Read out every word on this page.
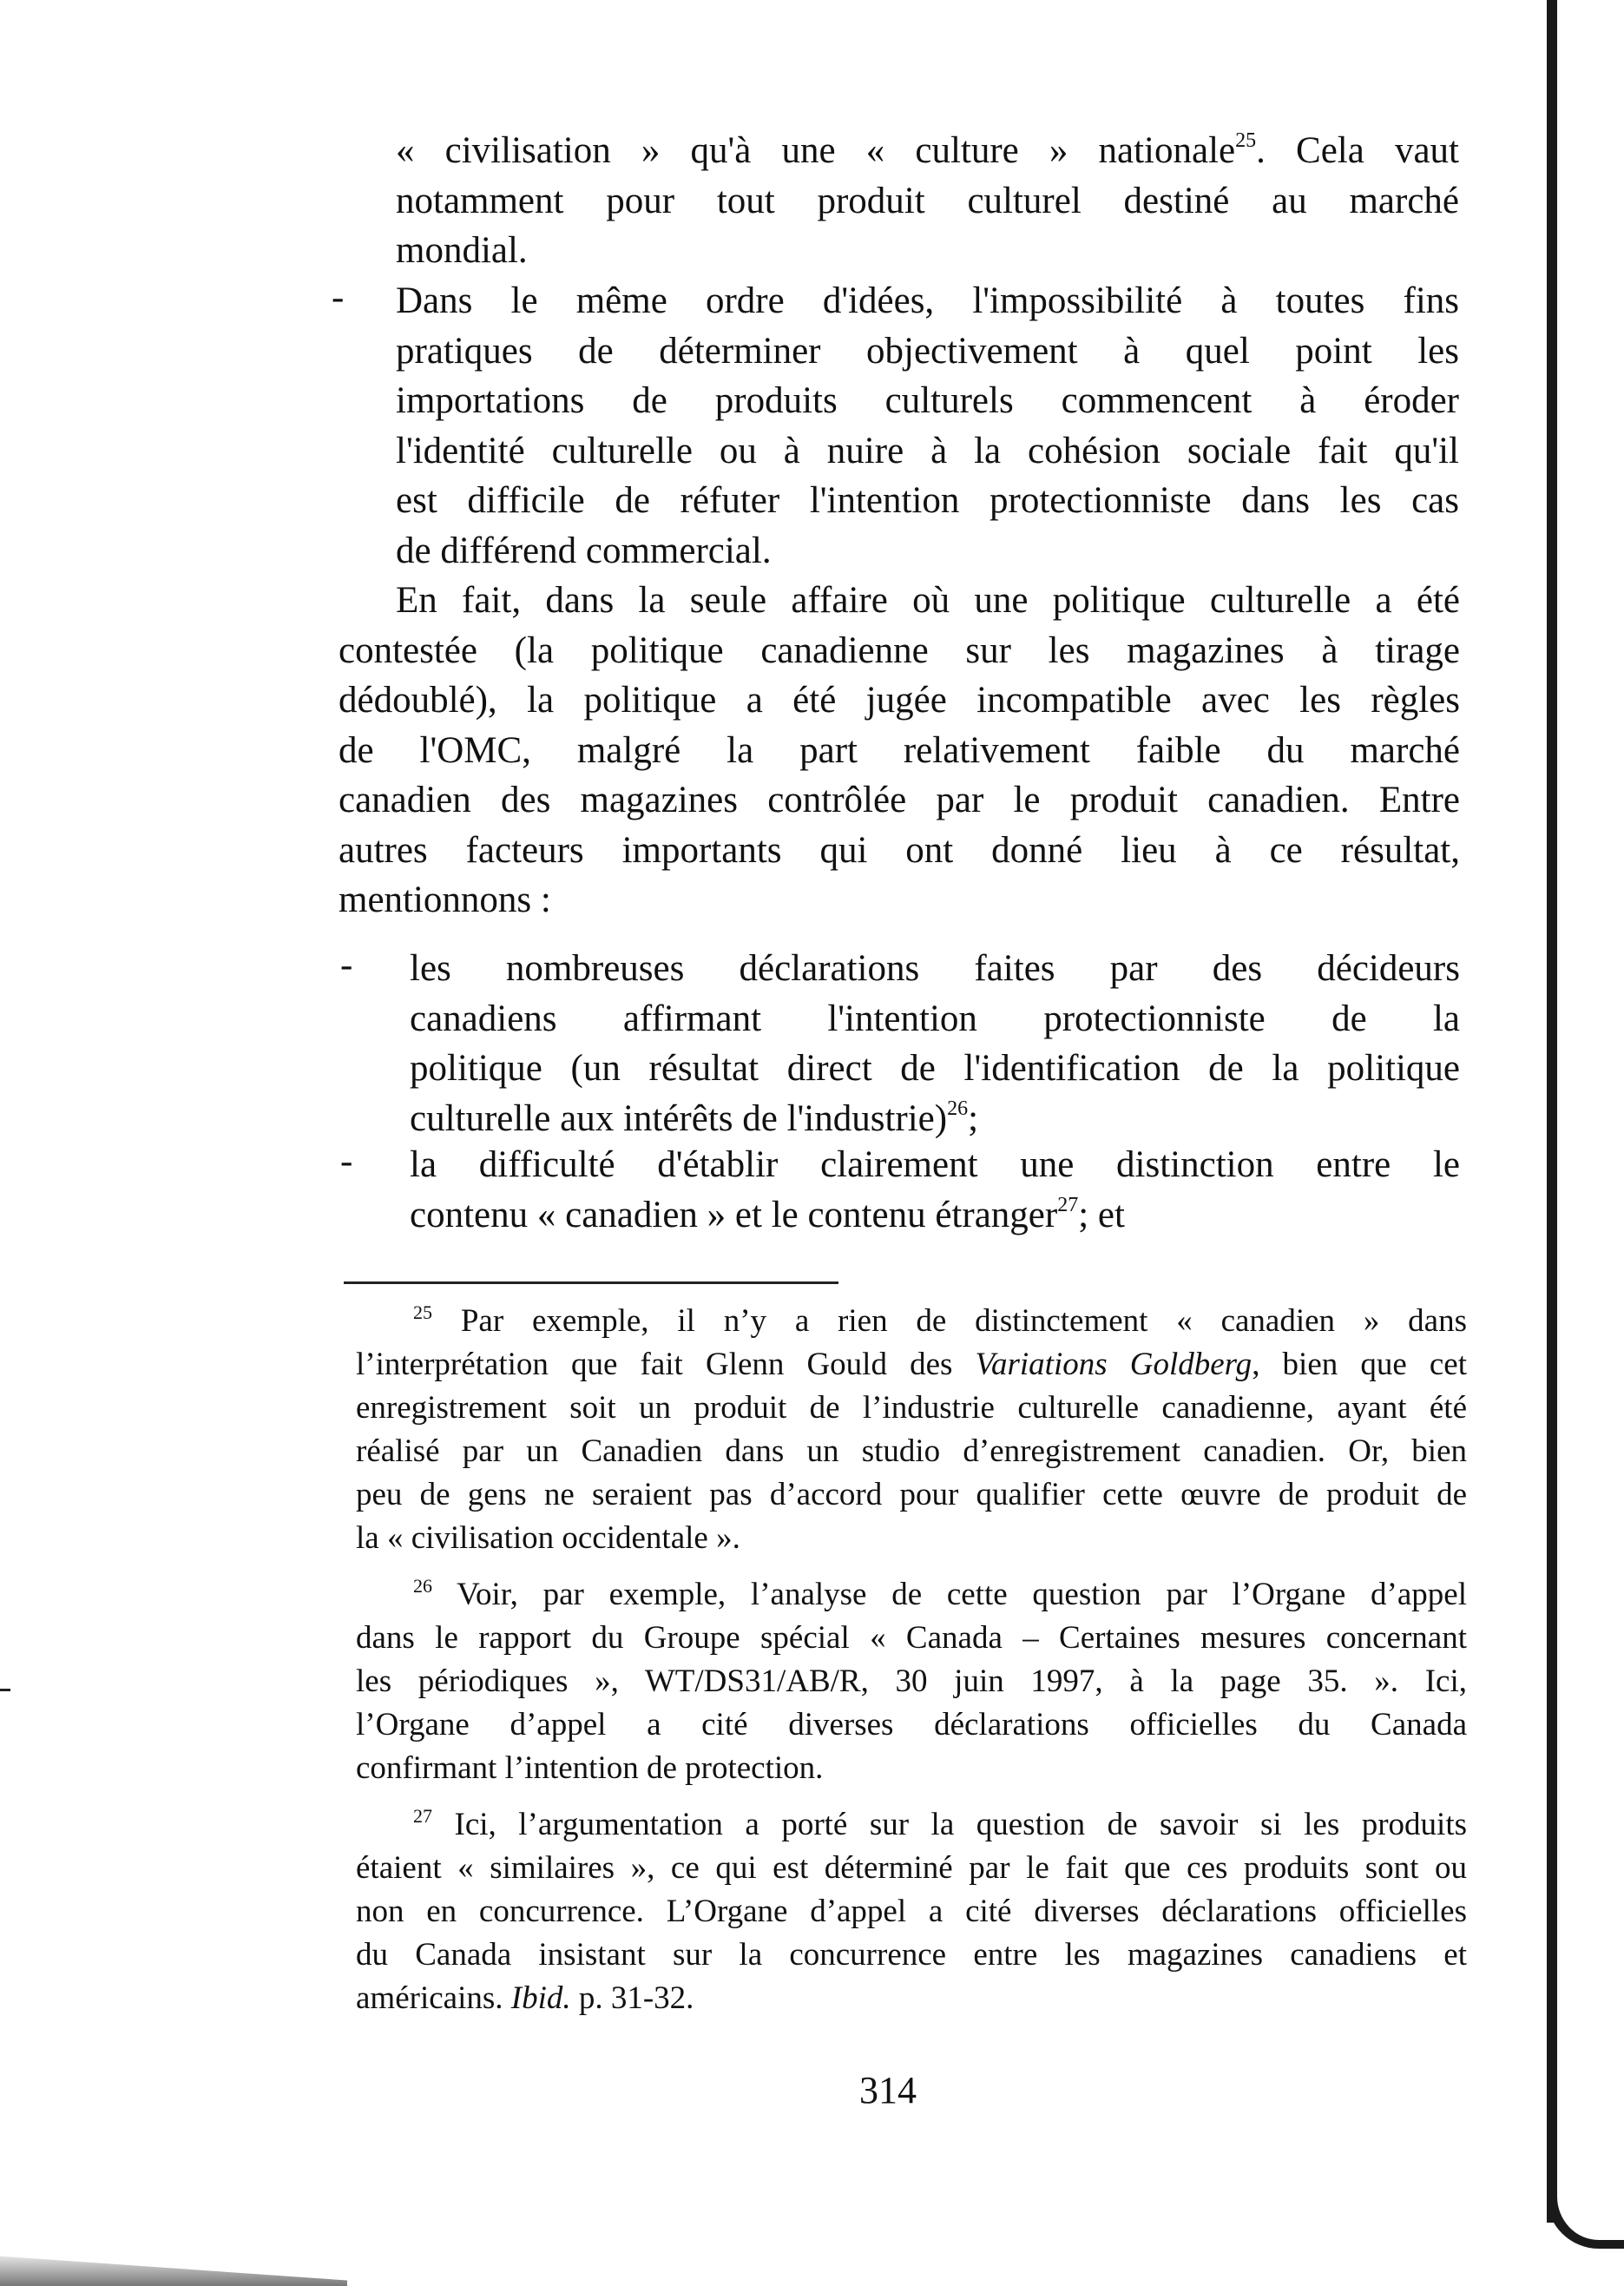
« civilisation » qu'à une « culture » nationale$^{25}$. Cela vaut
notamment pour tout produit culturel destiné au marché
mondial.
- Dans le même ordre d'idées, l'impossibilité à toutes fins
pratiques de déterminer objectivement à quel point les
importations de produits culturels commencent à éroder
l'identité culturelle ou à nuire à la cohésion sociale fait qu'il
est difficile de réfuter l'intention protectionniste dans les cas
de différend commercial.
En fait, dans la seule affaire où une politique culturelle a été
contestée (la politique canadienne sur les magazines à tirage
dédoublé), la politique a été jugée incompatible avec les règles
de l'OMC, malgré la part relativement faible du marché
canadien des magazines contrôlée par le produit canadien. Entre
autres facteurs importants qui ont donné lieu à ce résultat,
mentionnons :
- les nombreuses déclarations faites par des décideurs
canadiens affirmant l'intention protectionniste de la
politique (un résultat direct de l'identification de la politique
culturelle aux intérêts de l'industrie)$^{26}$;
- la difficulté d'établir clairement une distinction entre le
contenu « canadien » et le contenu étranger$^{27}$; et
$^{25}$ Par exemple, il n’y a rien de distinctement « canadien » dans
l’interprétation que fait Glenn Gould des Variations Goldberg, bien que cet
enregistrement soit un produit de l’industrie culturelle canadienne, ayant été
réalisé par un Canadien dans un studio d’enregistrement canadien. Or, bien
peu de gens ne seraient pas d’accord pour qualifier cette œuvre de produit de
la « civilisation occidentale ».
$^{26}$ Voir, par exemple, l’analyse de cette question par l’Organe d’appel
dans le rapport du Groupe spécial « Canada – Certaines mesures concernant
les périodiques », WT/DS31/AB/R, 30 juin 1997, à la page 35. ». Ici,
l’Organe d’appel a cité diverses déclarations officielles du Canada
confirmant l’intention de protection.
$^{27}$ Ici, l’argumentation a porté sur la question de savoir si les produits
étaient « similaires », ce qui est déterminé par le fait que ces produits sont ou
non en concurrence. L’Organe d’appel a cité diverses déclarations officielles
du Canada insistant sur la concurrence entre les magazines canadiens et
américains. Ibid. p. 31-32.
314
